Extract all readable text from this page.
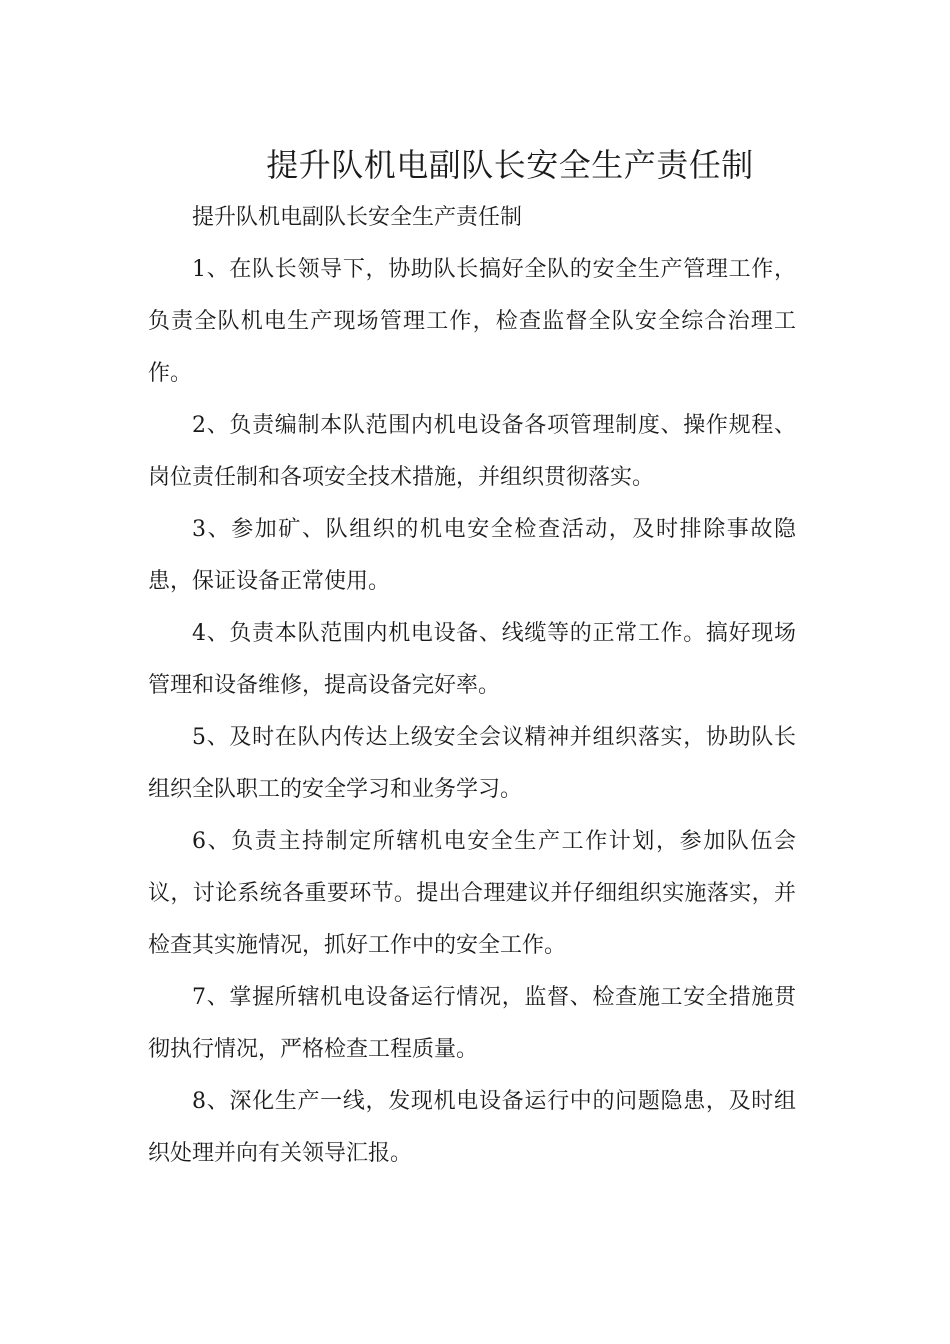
提升队机电副队长安全生产责任制

提升队机电副队长安全生产责任制

1、在队长领导下，协助队长搞好全队的安全生产管理工作，负责全队机电生产现场管理工作，检查监督全队安全综合治理工作。

2、负责编制本队范围内机电设备各项管理制度、操作规程、岗位责任制和各项安全技术措施，并组织贯彻落实。

3、参加矿、队组织的机电安全检查活动，及时排除事故隐患，保证设备正常使用。

4、负责本队范围内机电设备、线缆等的正常工作。搞好现场管理和设备维修，提高设备完好率。

5、及时在队内传达上级安全会议精神并组织落实，协助队长组织全队职工的安全学习和业务学习。

6、负责主持制定所辖机电安全生产工作计划，参加队伍会议，讨论系统各重要环节。提出合理建议并仔细组织实施落实，并检查其实施情况，抓好工作中的安全工作。

7、掌握所辖机电设备运行情况，监督、检查施工安全措施贯彻执行情况，严格检查工程质量。

8、深化生产一线，发现机电设备运行中的问题隐患，及时组织处理并向有关领导汇报。
